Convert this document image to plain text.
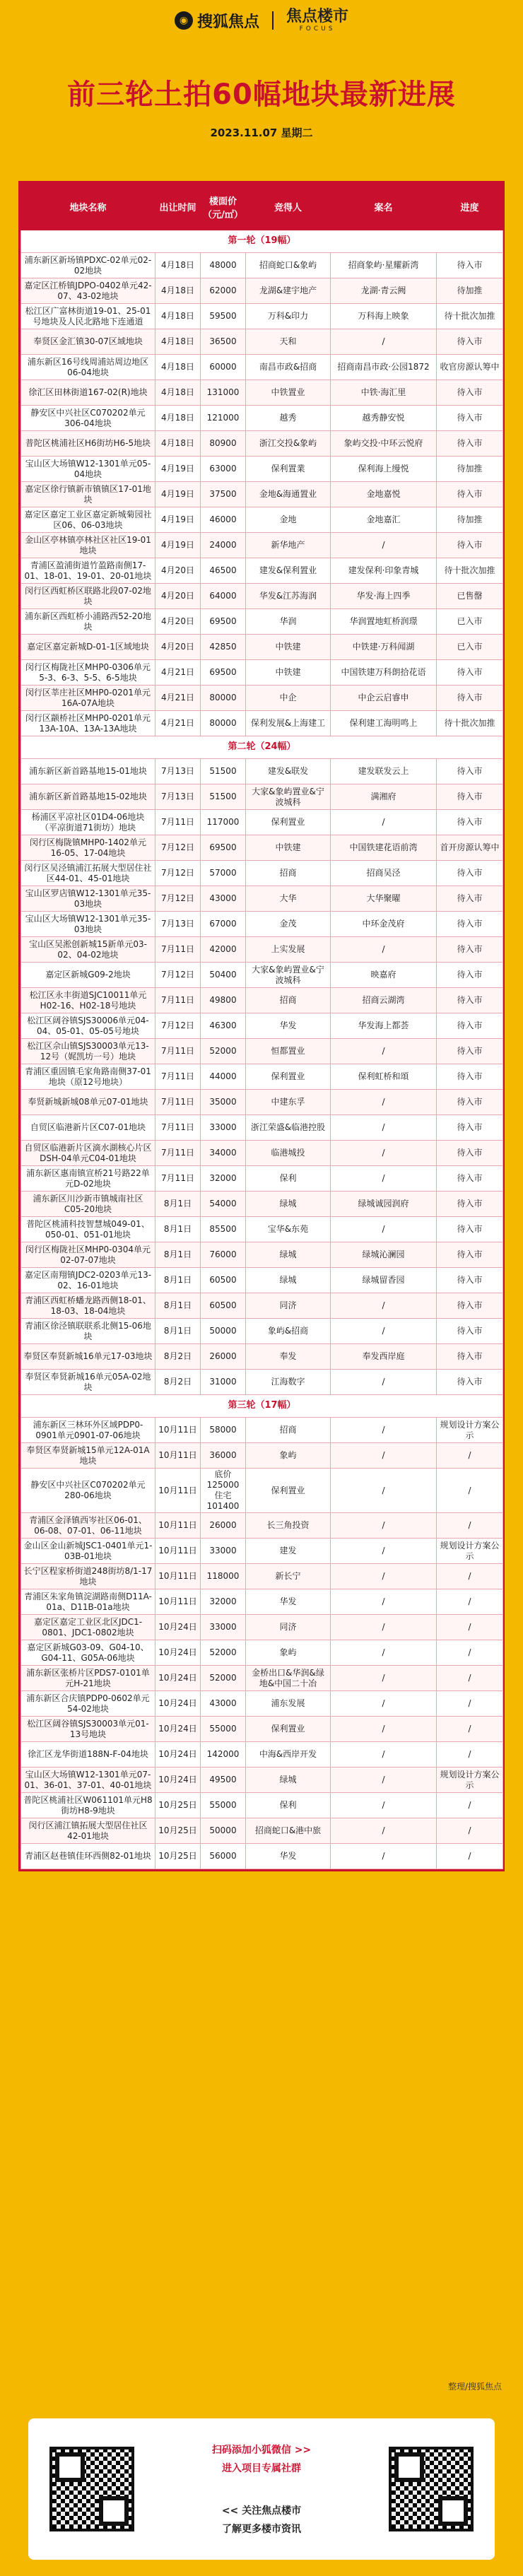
◉ 搜狐焦点 焦点楼市
FOCUS
前三轮土拍60幅地块最新进展
2023.11.07 星期二
地块名称	出让时间	楼面价（元/㎡）	竞得人	案名	进度
第一轮（19幅）					
浦东新区新场镇PDXC-02单元02-02地块	4月18日	48000	招商蛇口&象屿	招商象屿·星耀新湾	待入市
嘉定区江桥镇JDPO-0402单元42-07、43-02地块	4月18日	62000	龙湖&建宇地产	龙湖·青云阙	待加推
松江区广富林街道19-01、25-01号地块及人民北路地下连通道	4月18日	59500	万科&印力	万科海上映象	待十批次加推
奉贤区金汇镇30-07区域地块	4月18日	36500	天和	/	待入市
浦东新区16号线周浦站周边地区06-04地块	4月18日	60000	南昌市政&招商	招商南昌市政·公园1872	收官房源认筹中
徐汇区田林街道167-02(R)地块	4月18日	131000	中铁置业	中铁·海汇里	待入市
静安区中兴社区C070202单元306-04地块	4月18日	121000	越秀	越秀静安悦	待入市
普陀区桃浦社区H6街坊H6-5地块	4月18日	80900	浙江交投&象屿	象屿交投·中环云悦府	待入市
宝山区大场镇W12-1301单元05-04地块	4月19日	63000	保利置業	保利海上缦悦	待加推
嘉定区徐行镇新市镇镇区17-01地块	4月19日	37500	金地&海通置业	金地嘉悦	待入市
嘉定区嘉定工业区嘉定新城菊园社区06、06-03地块	4月19日	46000	金地	金地嘉汇	待加推
金山区亭林镇亭林社区社区19-01地块	4月19日	24000	新华地产	/	待入市
青浦区盈浦街道竹盈路南侧17-01、18-01、19-01、20-01地块	4月20日	46500	建发&保利置业	建发保利·印象青城	待十批次加推
闵行区西虹桥区联路北段07-02地块	4月20日	64000	华发&江苏海润	华发·海上四季	已售罄
浦东新区西虹桥小浦路西52-20地块	4月20日	69500	华润	华润置地虹桥润璟	已入市
嘉定区嘉定新城D-01-1区域地块	4月20日	42850	中铁建	中铁建·万科闻湖	已入市
闵行区梅陇社区MHP0-0306单元5-3、6-3、5-5、6-5地块	4月21日	69500	中铁建	中国铁建万科朗拾花语	待入市
闵行区莘庄社区MHP0-0201单元16A-07A地块	4月21日	80000	中企	中企云启睿申	待入市
闵行区颛桥社区MHP0-0201单元13A-10A、13A-13A地块	4月21日	80000	保利发展&上海建工	保利建工海明鸣上	待十批次加推
第二轮（24幅）					
浦东新区新首路基地15-01地块	7月13日	51500	建发&联发	建发联发云上	待入市
浦东新区新首路基地15-02地块	7月13日	51500	大家&象屿置业&宁波城科	满湘府	待入市
杨浦区平凉社区01D4-06地块（平凉街道71街坊）地块	7月11日	117000	保利置业	/	待入市
闵行区梅陇镇MHP0-1402单元16-05、17-04地块	7月12日	69500	中铁建	中国铁建花语前湾	首开房源认筹中
闵行区吴泾镇浦江拓展大型居住社区44-01、45-01地块	7月12日	57000	招商	招商吴泾	待入市
宝山区罗店镇W12-1301单元35-03地块	7月12日	43000	大华	大华聚曜	待入市
宝山区大场镇W12-1301单元35-03地块	7月13日	67000	金茂	中环金茂府	待入市
宝山区吴淞创新城15新单元03-02、04-02地块	7月11日	42000	上实发展	/	待入市
嘉定区新城G09-2地块	7月12日	50400	大家&象屿置业&宁波城科	映嘉府	待入市
松江区永丰街道SJC10011单元H02-16、H02-18号地块	7月11日	49800	招商	招商云湖湾	待入市
松江区阔谷镇SJS30006单元04-04、05-01、05-05号地块	7月12日	46300	华发	华发海上都荟	待入市
松江区佘山镇SJS30003单元13-12号（娓凯坊一号）地块	7月11日	52000	恒都置业	/	待入市
青浦区重固镇毛家角路南侧37-01地块（原12号地块）	7月11日	44000	保利置业	保利虹桥和頌	待入市
奉贤新城新城08单元07-01地块	7月11日	35000	中建东孚	/	待入市
自贸区临港新片区C07-01地块	7月11日	33000	浙江荣盛&临港控股	/	待入市
自贸区临港新片区滴水湖核心片区DSH-04单元C04-01地块	7月11日	34000	临港城投	/	待入市
浦东新区惠南镇宣桥21号路22单元D-02地块	7月11日	32000	保利	/	待入市
浦东新区川沙新市镇城南社区C05-20地块	8月1日	54000	绿城	绿城诚园润府	待入市
普陀区桃浦科技智慧城049-01、050-01、051-01地块	8月1日	85500	宝华&东苑	/	待入市
闵行区梅陇社区MHP0-0304单元02-07-07地块	8月1日	76000	绿城	绿城沁澜园	待入市
嘉定区南翔镇JDC2-0203单元13-02、16-01地块	8月1日	60500	绿城	绿城留香园	待入市
青浦区西虹桥蟠龙路西侧18-01、18-03、18-04地块	8月1日	60500	同济	/	待入市
青浦区徐泾镇联联系北侧15-06地块	8月1日	50000	象屿&招商	/	待入市
奉贤区奉贤新城16单元17-03地块	8月2日	26000	奉发	奉发西岸庭	待入市
奉贤区奉贤新城16单元05A-02地块	8月2日	31000	江海数字	/	待入市
第三轮（17幅）					
浦东新区三林环外区域PDP0-0901单元0901-07-06地块	10月11日	58000	招商	/	规划设计方案公示
奉贤区奉贤新城15单元12A-01A地块	10月11日	36000	象屿	/	/
静安区中兴社区C070202单元280-06地块	10月11日	底价125000住宅101400	保利置业	/	/
青浦区金泽镇西岑社区06-01、06-08、07-01、06-11地块	10月11日	26000	长三角投资	/	/
金山区金山新城JSC1-0401单元1-03B-01地块	10月11日	33000	建发	/	规划设计方案公示
长宁区程家桥街道248街坊8/1-17地块	10月11日	118000	新长宁	/	/
青浦区朱家角镇淀湖路南侧D11A-01a、D11B-01a地块	10月11日	32000	华发	/	/
嘉定区嘉定工业区北区JDC1-0801、JDC1-0802地块	10月24日	33000	同济	/	/
嘉定区新城G03-09、G04-10、G04-11、G05A-06地块	10月24日	52000	象屿	/	/
浦东新区张桥片区PDS7-0101单元H-21地块	10月24日	52000	金桥出口&华润&绿地&中国二十冶	/	/
浦东新区合庆镇PDP0-0602单元54-02地块	10月24日	43000	浦东发展	/	/
松江区阔谷镇SJS30003单元01-13号地块	10月24日	55000	保利置业	/	/
徐汇区龙华街道188N-F-04地块	10月24日	142000	中海&西岸开发	/	/
宝山区大场镇W12-1301单元07-01、36-01、37-01、40-01地块	10月24日	49500	绿城	/	规划设计方案公示
普陀区桃浦社区W061101单元H8街坊H8-9地块	10月25日	55000	保利	/	/
闵行区浦江镇拓展大型居住社区42-01地块	10月25日	50000	招商蛇口&港中旅	/	/
青浦区赵巷镇佳环西侧82-01地块	10月25日	56000	华发	/	/
整理/搜狐焦点
扫码添加小狐微信 >>
进入项目专属社群
<< 关注焦点楼市
了解更多楼市资讯
